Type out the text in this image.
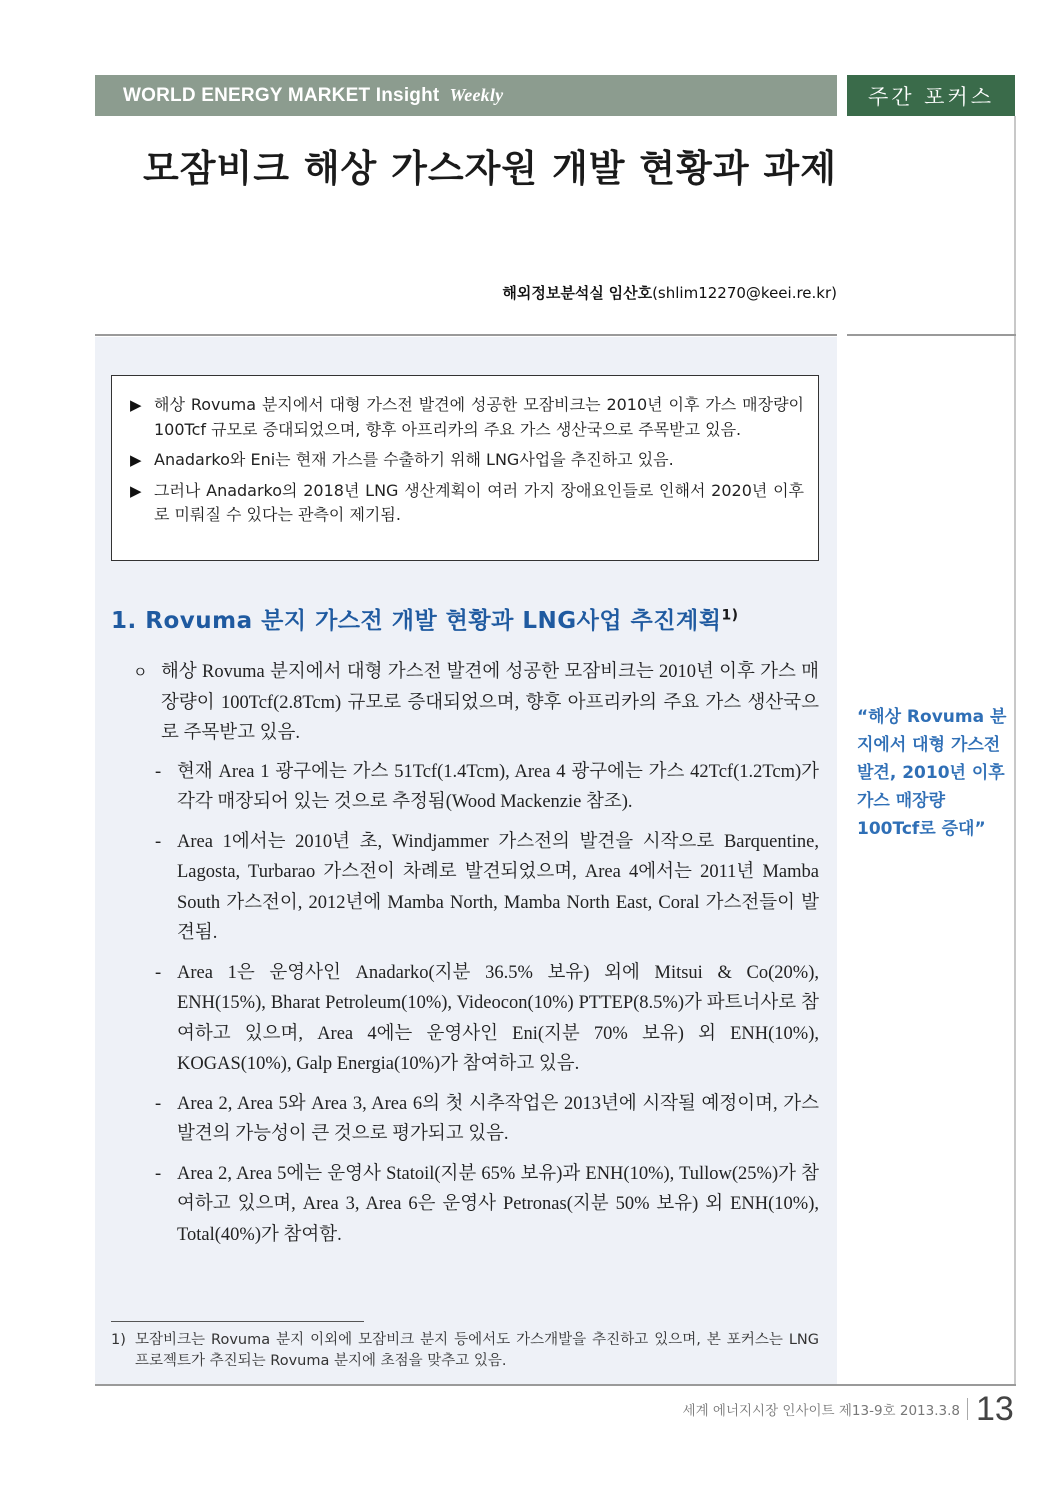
WORLD ENERGY MARKET Insight Weekly	주간 포커스
모잠비크 해상 가스자원 개발 현황과 과제
해외정보분석실 임산호(shlim12270@keei.re.kr)
▶ 해상 Rovuma 분지에서 대형 가스전 발견에 성공한 모잠비크는 2010년 이후 가스 매장량이 100Tcf 규모로 증대되었으며, 향후 아프리카의 주요 가스 생산국으로 주목받고 있음.
▶ Anadarko와 Eni는 현재 가스를 수출하기 위해 LNG사업을 추진하고 있음.
▶ 그러나 Anadarko의 2018년 LNG 생산계획이 여러 가지 장애요인들로 인해서 2020년 이후로 미뤄질 수 있다는 관측이 제기됨.
1. Rovuma 분지 가스전 개발 현황과 LNG사업 추진계획$^{1)}$
ㅇ 해상 Rovuma 분지에서 대형 가스전 발견에 성공한 모잠비크는 2010년 이후 가스 매장량이 100Tcf(2.8Tcm) 규모로 증대되었으며, 향후 아프리카의 주요 가스 생산국으로 주목받고 있음.
- 현재 Area 1 광구에는 가스 51Tcf(1.4Tcm), Area 4 광구에는 가스 42Tcf(1.2Tcm)가 각각 매장되어 있는 것으로 추정됨(Wood Mackenzie 참조).
- Area 1에서는 2010년 초, Windjammer 가스전의 발견을 시작으로 Barquentine, Lagosta, Turbarao 가스전이 차례로 발견되었으며, Area 4에서는 2011년 Mamba South 가스전이, 2012년에 Mamba North, Mamba North East, Coral 가스전들이 발견됨.
- Area 1은 운영사인 Anadarko(지분 36.5% 보유) 외에 Mitsui & Co(20%), ENH(15%), Bharat Petroleum(10%), Videocon(10%) PTTEP(8.5%)가 파트너사로 참여하고 있으며, Area 4에는 운영사인 Eni(지분 70% 보유) 외 ENH(10%), KOGAS(10%), Galp Energia(10%)가 참여하고 있음.
- Area 2, Area 5와 Area 3, Area 6의 첫 시추작업은 2013년에 시작될 예정이며, 가스 발견의 가능성이 큰 것으로 평가되고 있음.
- Area 2, Area 5에는 운영사 Statoil(지분 65% 보유)과 ENH(10%), Tullow(25%)가 참여하고 있으며, Area 3, Area 6은 운영사 Petronas(지분 50% 보유) 외 ENH(10%), Total(40%)가 참여함.
1) 모잠비크는 Rovuma 분지 이외에 모잠비크 분지 등에서도 가스개발을 추진하고 있으며, 본 포커스는 LNG 프로젝트가 추진되는 Rovuma 분지에 초점을 맞추고 있음.
“해상 Rovuma 분지에서 대형 가스전 발견, 2010년 이후 가스 매장량 100Tcf로 증대”
세계 에너지시장 인사이트 제13-9호 2013.3.8 13
